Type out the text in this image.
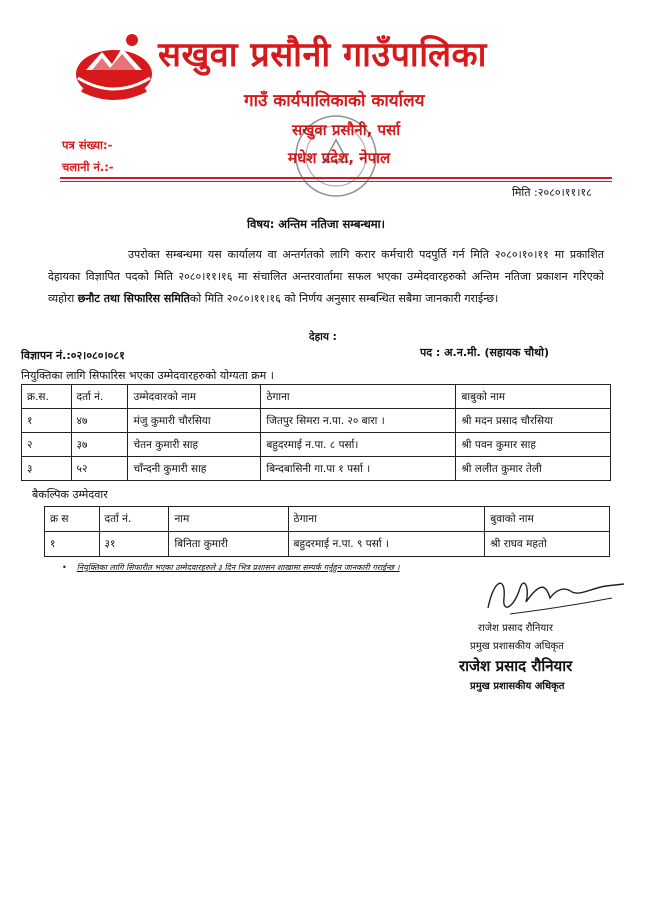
सखुवा प्रसौनी गाउँपालिका
गाउँ कार्यपालिकाको कार्यालय
सखुवा प्रसौनी, पर्सा
मधेश प्रदेश, नेपाल
पत्र संख्या:-
चलानी नं.:-
मिति :२०८०।११।१८
विषय: अन्तिम नतिजा सम्बन्धमा।

उपरोक्त सम्बन्धमा यस कार्यालय वा अन्तर्गतको लागि करार कर्मचारी पदपुर्ति गर्न मिति २०८०।१०।११ मा प्रकाशित देहायका विज्ञापित पदको मिति २०८०।११।१६ मा संचालित अन्तरवार्तामा सफल भएका उम्मेदवारहरुको अन्तिम नतिजा प्रकाशन गरिएको व्यहोरा छनौट तथा सिफारिस समितिको मिति २०८०।११।१६ को निर्णय अनुसार सम्बन्धित सबैमा जानकारी गराईन्छ।

देहाय :
विज्ञापन नं.:०२।०८०।०८१	पद : अ.न.मी. (सहायक चौथो)
नियुक्तिका लागि सिफारिस भएका उम्मेदवारहरुको योग्यता क्रम ।
क्र.स.	दर्ता नं.	उम्मेदवारको नाम	ठेगाना	बाबुको नाम
१	४७	मंजु कुमारी चौरसिया	जितपुर सिमरा न.पा. २० बारा ।	श्री मदन प्रसाद चौरसिया
२	३७	चेतन कुमारी साह	बहुदरमाई न.पा. ८ पर्सा।	श्री पवन कुमार साह
३	५२	चाँन्दनी कुमारी साह	बिन्दबासिनी गा.पा १ पर्सा ।	श्री ललीत कुमार तेली
बैकल्पिक उम्मेदवार
क्र स	दर्ता नं.	नाम	ठेगाना	बुवाको नाम
१	३१	बिनिता कुमारी	बहुदरमाई न.पा. ९ पर्सा ।	श्री राघव महतो
• नियुक्तिका लागि सिफारीत भएका उम्मेदवारहरुले ३ दिन भित्र प्रशासन शाखामा सम्पर्क गर्नुहुन जानकारी गराईन्छ ।
राजेश प्रसाद रौनियार
प्रमुख प्रशासकीय अधिकृत
राजेश प्रसाद रौनियार
प्रमुख प्रशासकीय अधिकृत
